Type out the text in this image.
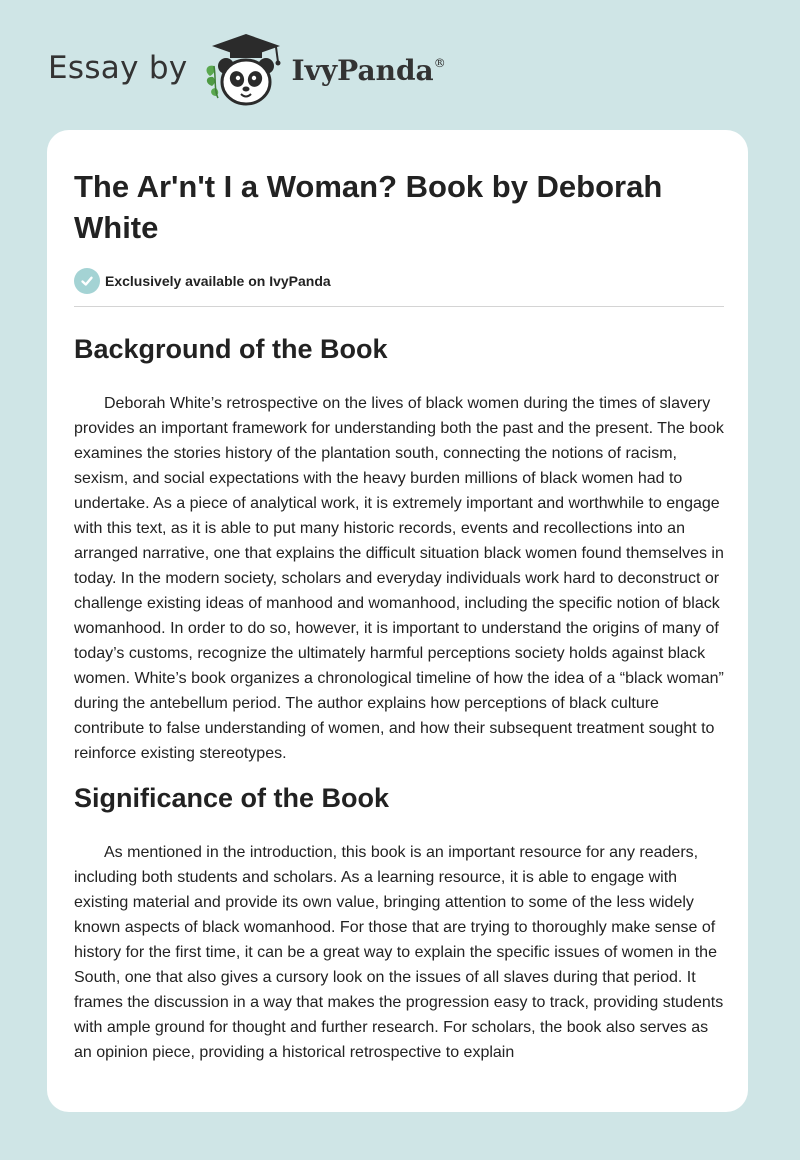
Essay by	IvyPanda®
The Ar'n't I a Woman? Book by Deborah White
Exclusively available on IvyPanda
Background of the Book

Deborah White’s retrospective on the lives of black women during the times of slavery provides an important framework for understanding both the past and the present. The book examines the stories history of the plantation south, connecting the notions of racism, sexism, and social expectations with the heavy burden millions of black women had to undertake. As a piece of analytical work, it is extremely important and worthwhile to engage with this text, as it is able to put many historic records, events and recollections into an arranged narrative, one that explains the difficult situation black women found themselves in today. In the modern society, scholars and everyday individuals work hard to deconstruct or challenge existing ideas of manhood and womanhood, including the specific notion of black womanhood. In order to do so, however, it is important to understand the origins of many of today’s customs, recognize the ultimately harmful perceptions society holds against black women. White’s book organizes a chronological timeline of how the idea of a “black woman” during the antebellum period. The author explains how perceptions of black culture contribute to false understanding of women, and how their subsequent treatment sought to reinforce existing stereotypes.

Significance of the Book

As mentioned in the introduction, this book is an important resource for any readers, including both students and scholars. As a learning resource, it is able to engage with existing material and provide its own value, bringing attention to some of the less widely known aspects of black womanhood. For those that are trying to thoroughly make sense of history for the first time, it can be a great way to explain the specific issues of women in the South, one that also gives a cursory look on the issues of all slaves during that period. It frames the discussion in a way that makes the progression easy to track, providing students with ample ground for thought and further research. For scholars, the book also serves as an opinion piece, providing a historical retrospective to explain
